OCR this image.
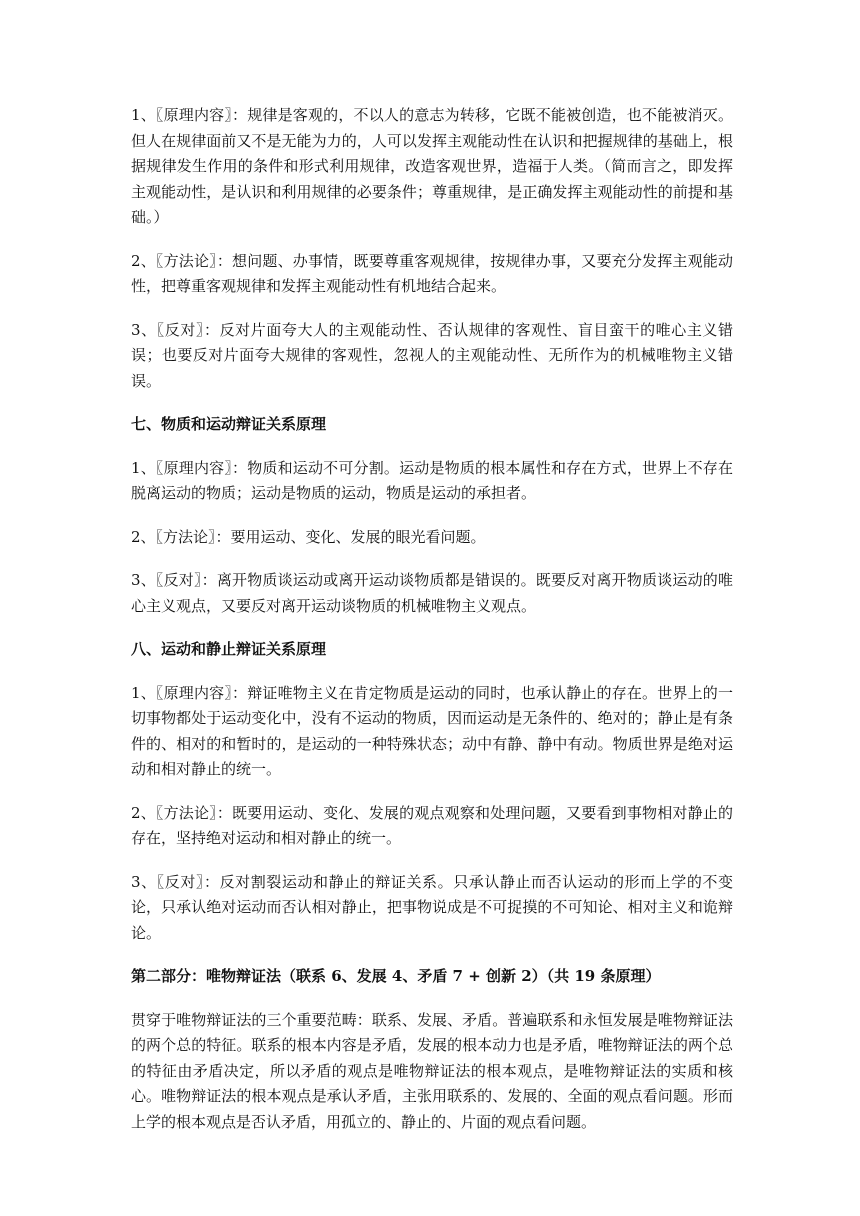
1、〖原理内容〗：规律是客观的，不以人的意志为转移，它既不能被创造，也不能被消灭。但人在规律面前又不是无能为力的，人可以发挥主观能动性在认识和把握规律的基础上，根据规律发生作用的条件和形式利用规律，改造客观世界，造福于人类。（简而言之，即发挥主观能动性，是认识和利用规律的必要条件；尊重规律，是正确发挥主观能动性的前提和基础。）

2、〖方法论〗：想问题、办事情，既要尊重客观规律，按规律办事，又要充分发挥主观能动性，把尊重客观规律和发挥主观能动性有机地结合起来。

3、〖反对〗：反对片面夸大人的主观能动性、否认规律的客观性、盲目蛮干的唯心主义错误；也要反对片面夸大规律的客观性，忽视人的主观能动性、无所作为的机械唯物主义错误。

七、物质和运动辩证关系原理

1、〖原理内容〗：物质和运动不可分割。运动是物质的根本属性和存在方式，世界上不存在脱离运动的物质；运动是物质的运动，物质是运动的承担者。

2、〖方法论〗：要用运动、变化、发展的眼光看问题。

3、〖反对〗：离开物质谈运动或离开运动谈物质都是错误的。既要反对离开物质谈运动的唯心主义观点，又要反对离开运动谈物质的机械唯物主义观点。

八、运动和静止辩证关系原理

1、〖原理内容〗：辩证唯物主义在肯定物质是运动的同时，也承认静止的存在。世界上的一切事物都处于运动变化中，没有不运动的物质，因而运动是无条件的、绝对的；静止是有条件的、相对的和暂时的，是运动的一种特殊状态；动中有静、静中有动。物质世界是绝对运动和相对静止的统一。

2、〖方法论〗：既要用运动、变化、发展的观点观察和处理问题，又要看到事物相对静止的存在，坚持绝对运动和相对静止的统一。

3、〖反对〗：反对割裂运动和静止的辩证关系。只承认静止而否认运动的形而上学的不变论，只承认绝对运动而否认相对静止，把事物说成是不可捉摸的不可知论、相对主义和诡辩论。

第二部分：唯物辩证法（联系 6、发展 4、矛盾 7 + 创新 2）（共 19 条原理）

贯穿于唯物辩证法的三个重要范畴：联系、发展、矛盾。普遍联系和永恒发展是唯物辩证法的两个总的特征。联系的根本内容是矛盾，发展的根本动力也是矛盾，唯物辩证法的两个总的特征由矛盾决定，所以矛盾的观点是唯物辩证法的根本观点，是唯物辩证法的实质和核心。唯物辩证法的根本观点是承认矛盾，主张用联系的、发展的、全面的观点看问题。形而上学的根本观点是否认矛盾，用孤立的、静止的、片面的观点看问题。
